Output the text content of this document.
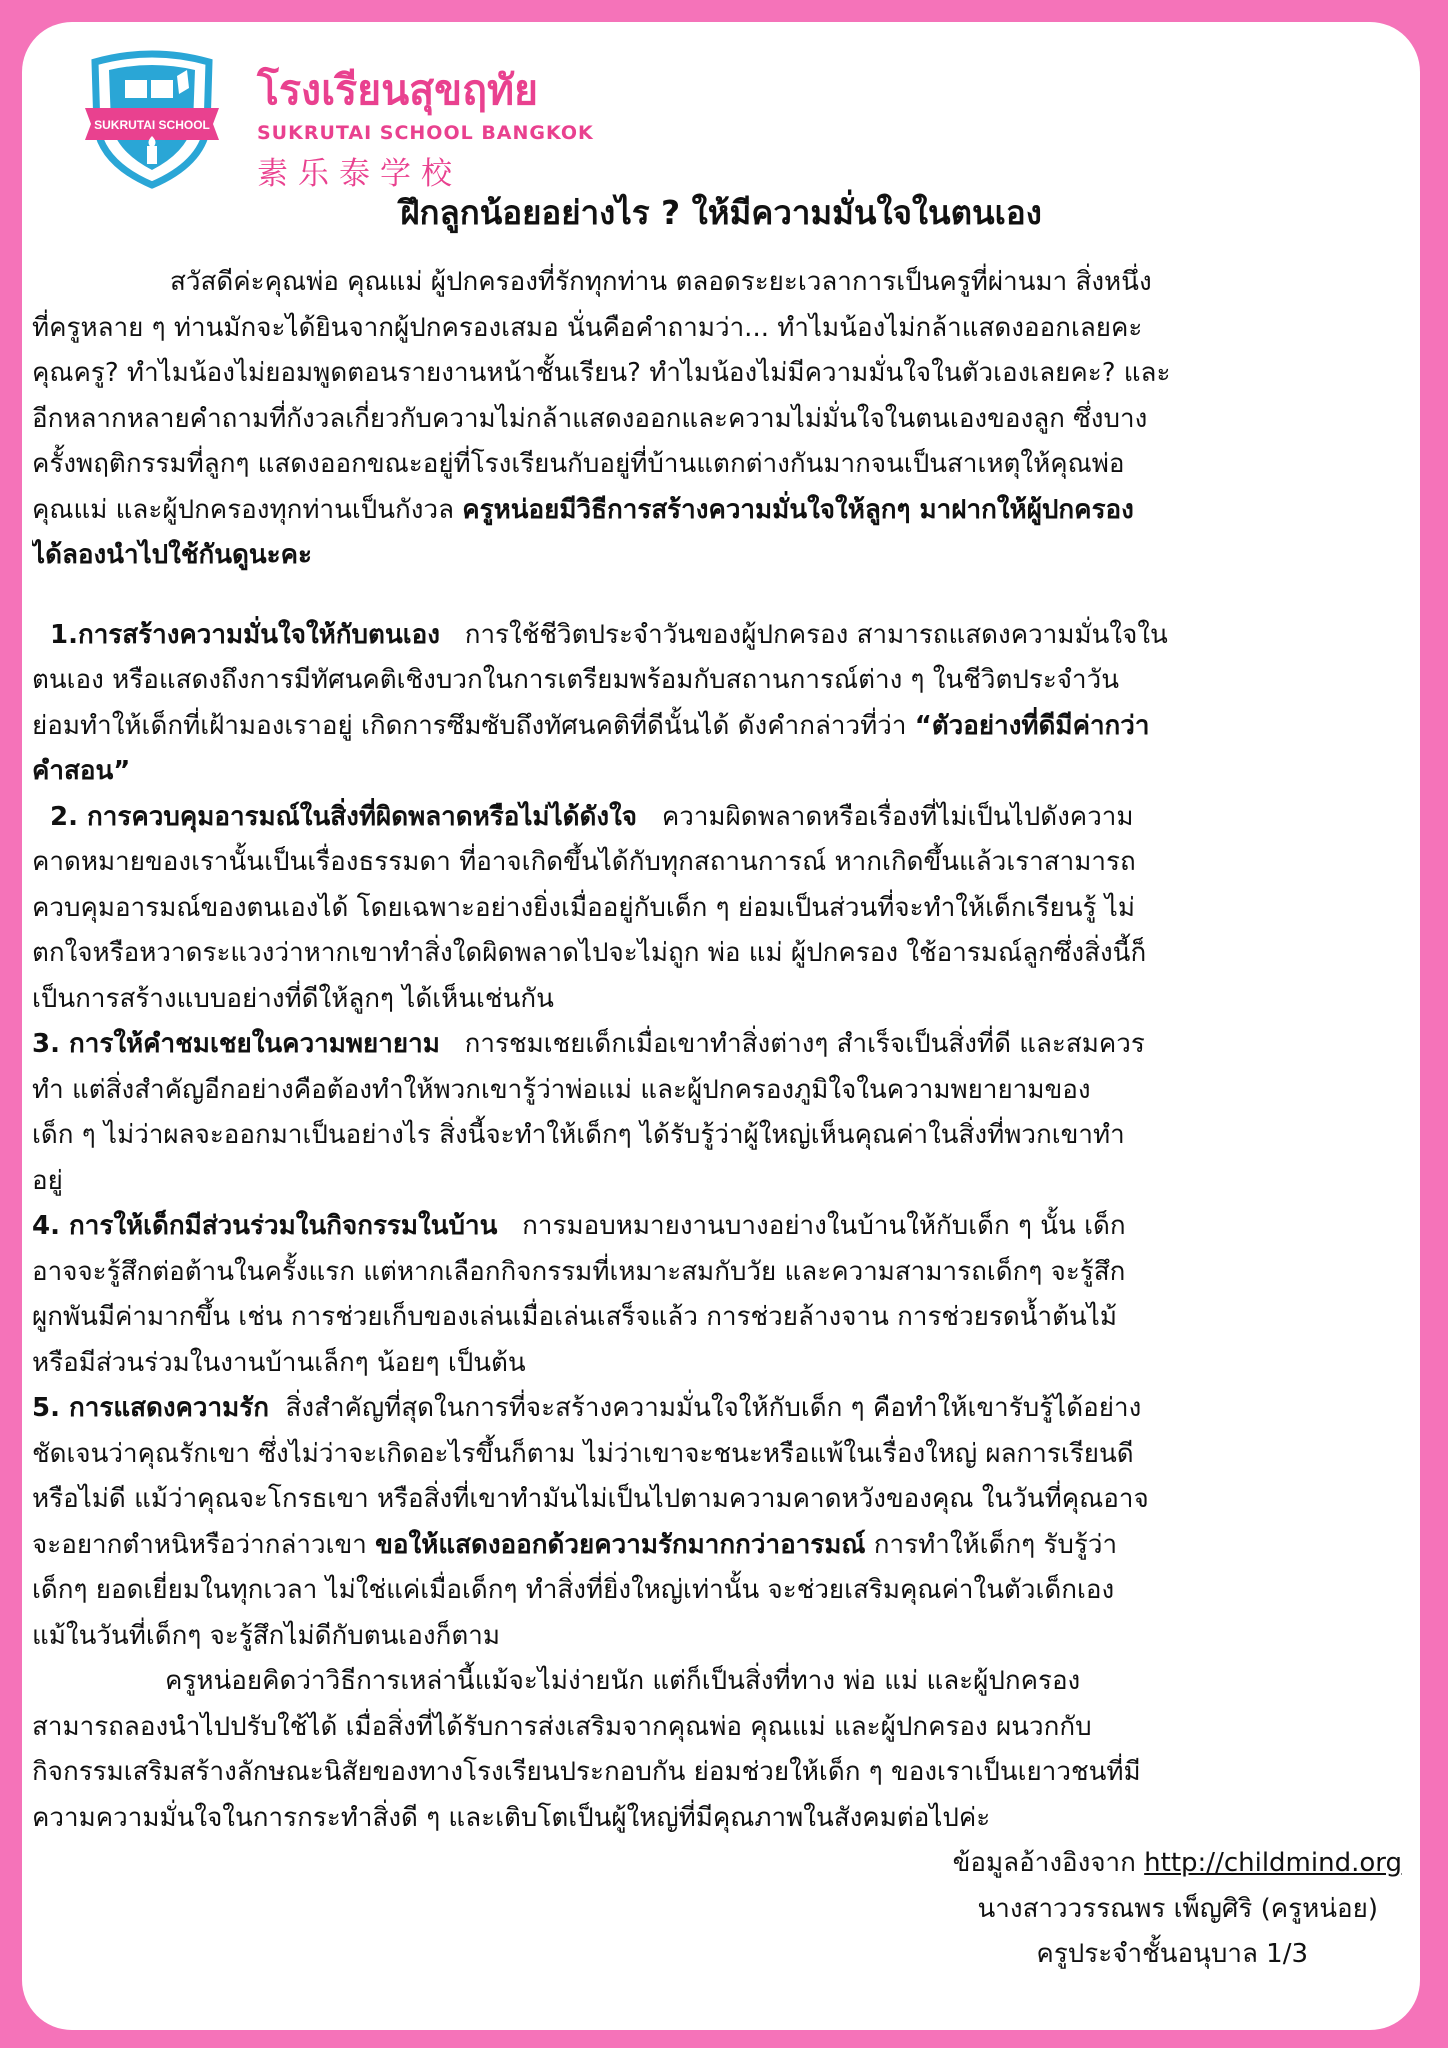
SUKRUTAI SCHOOL
โรงเรียนสุขฤทัย
SUKRUTAI SCHOOL BANGKOK
素乐泰学校
ฝึกลูกน้อยอย่างไร ? ให้มีความมั่นใจในตนเอง
สวัสดีค่ะคุณพ่อ คุณแม่ ผู้ปกครองที่รักทุกท่าน ตลอดระยะเวลาการเป็นครูที่ผ่านมา สิ่งหนึ่ง
ที่ครูหลาย ๆ ท่านมักจะได้ยินจากผู้ปกครองเสมอ นั่นคือคำถามว่า... ทำไมน้องไม่กล้าแสดงออกเลยคะ
คุณครู? ทำไมน้องไม่ยอมพูดตอนรายงานหน้าชั้นเรียน? ทำไมน้องไม่มีความมั่นใจในตัวเองเลยคะ? และ
อีกหลากหลายคำถามที่กังวลเกี่ยวกับความไม่กล้าแสดงออกและความไม่มั่นใจในตนเองของลูก ซึ่งบาง
ครั้งพฤติกรรมที่ลูกๆ แสดงออกขณะอยู่ที่โรงเรียนกับอยู่ที่บ้านแตกต่างกันมากจนเป็นสาเหตุให้คุณพ่อ
คุณแม่ และผู้ปกครองทุกท่านเป็นกังวล ครูหน่อยมีวิธีการสร้างความมั่นใจให้ลูกๆ มาฝากให้ผู้ปกครอง
ได้ลองนำไปใช้กันดูนะคะ
1.การสร้างความมั่นใจให้กับตนเอง การใช้ชีวิตประจำวันของผู้ปกครอง สามารถแสดงความมั่นใจใน
ตนเอง หรือแสดงถึงการมีทัศนคติเชิงบวกในการเตรียมพร้อมกับสถานการณ์ต่าง ๆ ในชีวิตประจำวัน
ย่อมทำให้เด็กที่เฝ้ามองเราอยู่ เกิดการซึมซับถึงทัศนคติที่ดีนั้นได้ ดังคำกล่าวที่ว่า “ตัวอย่างที่ดีมีค่ากว่า
คำสอน”
2. การควบคุมอารมณ์ในสิ่งที่ผิดพลาดหรือไม่ได้ดังใจ ความผิดพลาดหรือเรื่องที่ไม่เป็นไปดังความ
คาดหมายของเรานั้นเป็นเรื่องธรรมดา ที่อาจเกิดขึ้นได้กับทุกสถานการณ์ หากเกิดขึ้นแล้วเราสามารถ
ควบคุมอารมณ์ของตนเองได้ โดยเฉพาะอย่างยิ่งเมื่ออยู่กับเด็ก ๆ ย่อมเป็นส่วนที่จะทำให้เด็กเรียนรู้ ไม่
ตกใจหรือหวาดระแวงว่าหากเขาทำสิ่งใดผิดพลาดไปจะไม่ถูก พ่อ แม่ ผู้ปกครอง ใช้อารมณ์ลูกซึ่งสิ่งนี้ก็
เป็นการสร้างแบบอย่างที่ดีให้ลูกๆ ได้เห็นเช่นกัน
3. การให้คำชมเชยในความพยายาม การชมเชยเด็กเมื่อเขาทำสิ่งต่างๆ สำเร็จเป็นสิ่งที่ดี และสมควร
ทำ แต่สิ่งสำคัญอีกอย่างคือต้องทำให้พวกเขารู้ว่าพ่อแม่ และผู้ปกครองภูมิใจในความพยายามของ
เด็ก ๆ ไม่ว่าผลจะออกมาเป็นอย่างไร สิ่งนี้จะทำให้เด็กๆ ได้รับรู้ว่าผู้ใหญ่เห็นคุณค่าในสิ่งที่พวกเขาทำ
อยู่
4. การให้เด็กมีส่วนร่วมในกิจกรรมในบ้าน การมอบหมายงานบางอย่างในบ้านให้กับเด็ก ๆ นั้น เด็ก
อาจจะรู้สึกต่อต้านในครั้งแรก แต่หากเลือกกิจกรรมที่เหมาะสมกับวัย และความสามารถเด็กๆ จะรู้สึก
ผูกพันมีค่ามากขึ้น เช่น การช่วยเก็บของเล่นเมื่อเล่นเสร็จแล้ว การช่วยล้างจาน การช่วยรดน้ำต้นไม้
หรือมีส่วนร่วมในงานบ้านเล็กๆ น้อยๆ เป็นต้น
5. การแสดงความรัก สิ่งสำคัญที่สุดในการที่จะสร้างความมั่นใจให้กับเด็ก ๆ คือทำให้เขารับรู้ได้อย่าง
ชัดเจนว่าคุณรักเขา ซึ่งไม่ว่าจะเกิดอะไรขึ้นก็ตาม ไม่ว่าเขาจะชนะหรือแพ้ในเรื่องใหญ่ ผลการเรียนดี
หรือไม่ดี แม้ว่าคุณจะโกรธเขา หรือสิ่งที่เขาทำมันไม่เป็นไปตามความคาดหวังของคุณ ในวันที่คุณอาจ
จะอยากตำหนิหรือว่ากล่าวเขา ขอให้แสดงออกด้วยความรักมากกว่าอารมณ์ การทำให้เด็กๆ รับรู้ว่า
เด็กๆ ยอดเยี่ยมในทุกเวลา ไม่ใช่แค่เมื่อเด็กๆ ทำสิ่งที่ยิ่งใหญ่เท่านั้น จะช่วยเสริมคุณค่าในตัวเด็กเอง
แม้ในวันที่เด็กๆ จะรู้สึกไม่ดีกับตนเองก็ตาม
ครูหน่อยคิดว่าวิธีการเหล่านี้แม้จะไม่ง่ายนัก แต่ก็เป็นสิ่งที่ทาง พ่อ แม่ และผู้ปกครอง
สามารถลองนำไปปรับใช้ได้ เมื่อสิ่งที่ได้รับการส่งเสริมจากคุณพ่อ คุณแม่ และผู้ปกครอง ผนวกกับ
กิจกรรมเสริมสร้างลักษณะนิสัยของทางโรงเรียนประกอบกัน ย่อมช่วยให้เด็ก ๆ ของเราเป็นเยาวชนที่มี
ความความมั่นใจในการกระทำสิ่งดี ๆ และเติบโตเป็นผู้ใหญ่ที่มีคุณภาพในสังคมต่อไปค่ะ
ข้อมูลอ้างอิงจาก http://childmind.org
นางสาววรรณพร เพ็ญศิริ (ครูหน่อย)
ครูประจำชั้นอนุบาล 1/3
